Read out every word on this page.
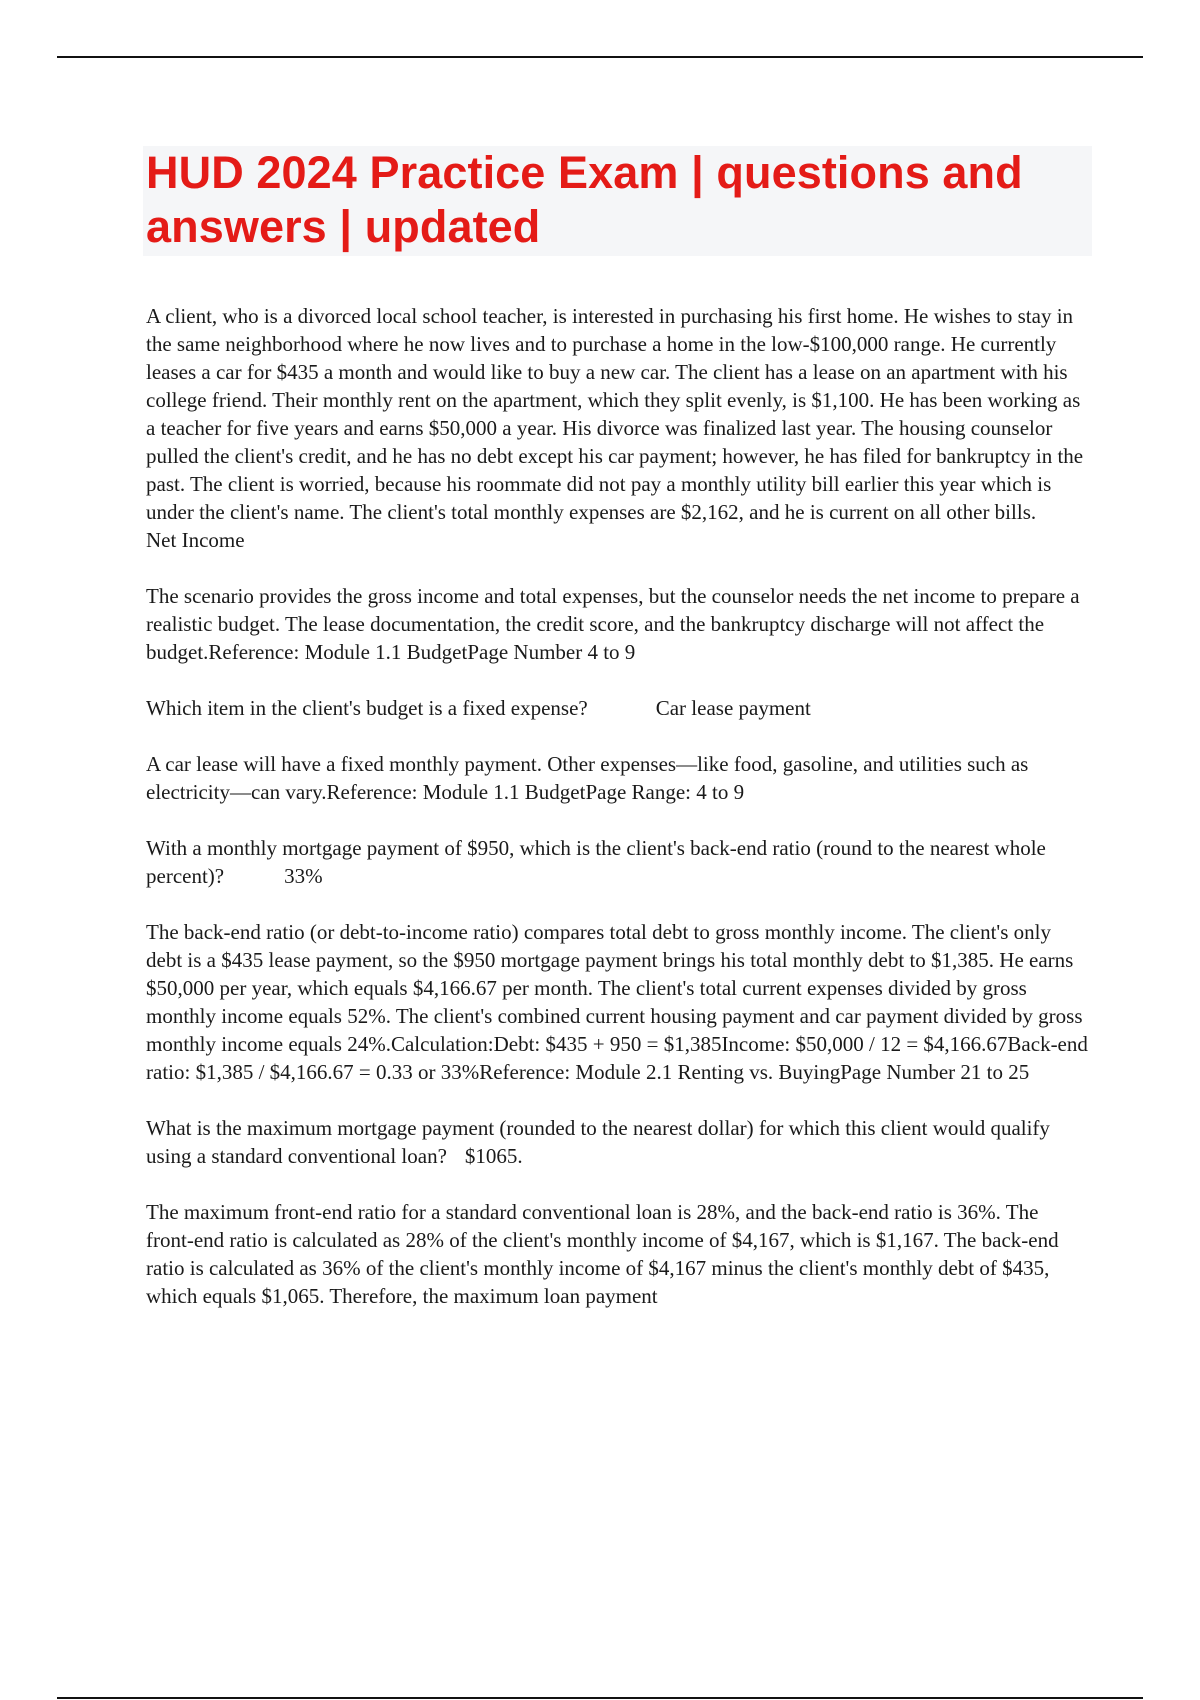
HUD 2024 Practice Exam | questions and answers | updated

A client, who is a divorced local school teacher, is interested in purchasing his first home. He wishes to stay in the same neighborhood where he now lives and to purchase a home in the low-$100,000 range. He currently leases a car for $435 a month and would like to buy a new car. The client has a lease on an apartment with his college friend. Their monthly rent on the apartment, which they split evenly, is $1,100. He has been working as a teacher for five years and earns $50,000 a year. His divorce was finalized last year. The housing counselor pulled the client's credit, and he has no debt except his car payment; however, he has filed for bankruptcy in the past. The client is worried, because his roommate did not pay a monthly utility bill earlier this year which is under the client's name. The client's total monthly expenses are $2,162, and he is current on all other bills.Net Income

The scenario provides the gross income and total expenses, but the counselor needs the net income to prepare a realistic budget. The lease documentation, the credit score, and the bankruptcy discharge will not affect the budget.Reference: Module 1.1 BudgetPage Number 4 to 9

Which item in the client's budget is a fixed expense?	Car lease payment

A car lease will have a fixed monthly payment. Other expenses—like food, gasoline, and utilities such as electricity—can vary.Reference: Module 1.1 BudgetPage Range: 4 to 9

With a monthly mortgage payment of $950, which is the client's back-end ratio (round to the nearest whole percent)?	33%

The back-end ratio (or debt-to-income ratio) compares total debt to gross monthly income. The client's only debt is a $435 lease payment, so the $950 mortgage payment brings his total monthly debt to $1,385. He earns $50,000 per year, which equals $4,166.67 per month. The client's total current expenses divided by gross monthly income equals 52%. The client's combined current housing payment and car payment divided by gross monthly income equals 24%.Calculation:Debt: $435 + 950 = $1,385Income: $50,000 / 12 = $4,166.67Back-end ratio: $1,385 / $4,166.67 = 0.33 or 33%Reference: Module 2.1 Renting vs. BuyingPage Number 21 to 25

What is the maximum mortgage payment (rounded to the nearest dollar) for which this client would qualify using a standard conventional loan? $1065.

The maximum front-end ratio for a standard conventional loan is 28%, and the back-end ratio is 36%. The front-end ratio is calculated as 28% of the client's monthly income of $4,167, which is $1,167. The back-end ratio is calculated as 36% of the client's monthly income of $4,167 minus the client's monthly debt of $435, which equals $1,065. Therefore, the maximum loan payment
